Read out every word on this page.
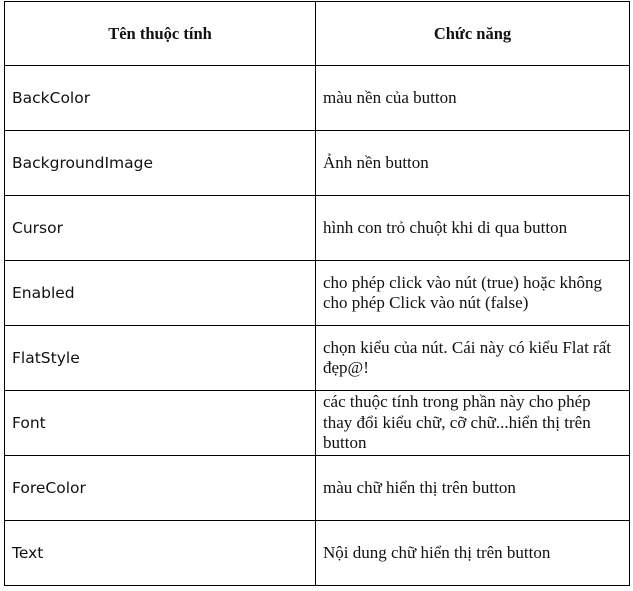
Tên thuộc tính	Chức năng
BackColor	màu nền của button
BackgroundImage	Ảnh nền button
Cursor	hình con trỏ chuột khi di qua button
Enabled	cho phép click vào nút (true) hoặc không cho phép Click vào nút (false)
FlatStyle	chọn kiểu của nút. Cái này có kiểu Flat rất đẹp@!
Font	các thuộc tính trong phần này cho phép thay đổi kiểu chữ, cỡ chữ...hiển thị trên button
ForeColor	màu chữ hiển thị trên button
Text	Nội dung chữ hiển thị trên button
